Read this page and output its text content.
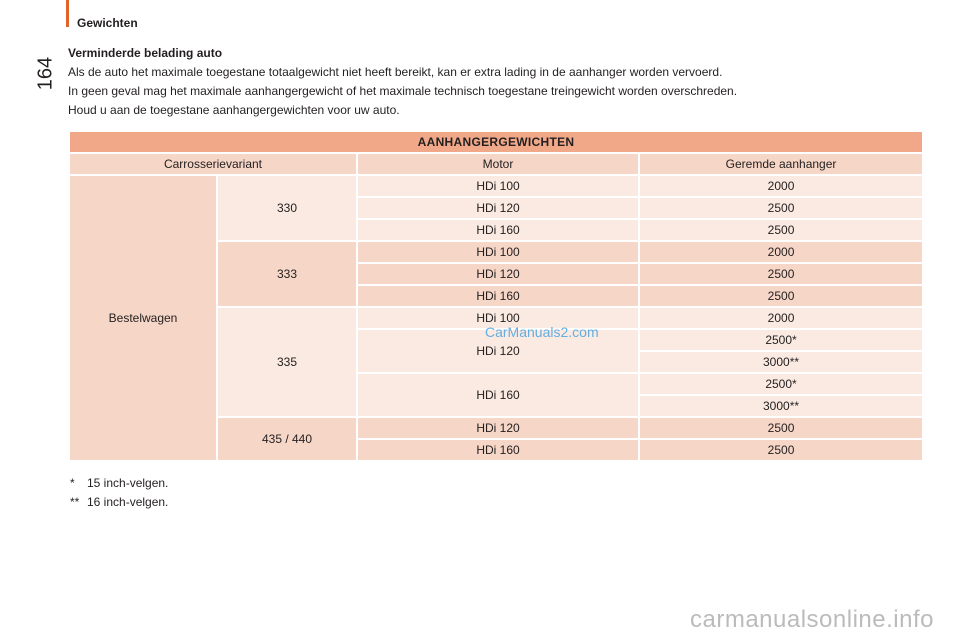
Gewichten
164

Verminderde belading auto

Als de auto het maximale toegestane totaalgewicht niet heeft bereikt, kan er extra lading in de aanhanger worden vervoerd.

In geen geval mag het maximale aanhangergewicht of het maximale technisch toegestane treingewicht worden overschreden.

Houd u aan de toegestane aanhangergewichten voor uw auto.

AANHANGERGEWICHTEN			
Carrosserievariant		Motor	Geremde aanhanger
Bestelwagen	330	HDi 100	2000
		HDi 120	2500
		HDi 160	2500
	333	HDi 100	2000
		HDi 120	2500
		HDi 160	2500
	335	HDi 100	2000
		HDi 120	2500*
			3000**
		HDi 160	2500*
			3000**
	435 / 440	HDi 120	2500
		HDi 160	2500
*	15 inch-velgen.
** 16 inch-velgen.
CarManuals2.com
carmanualsonline.info
